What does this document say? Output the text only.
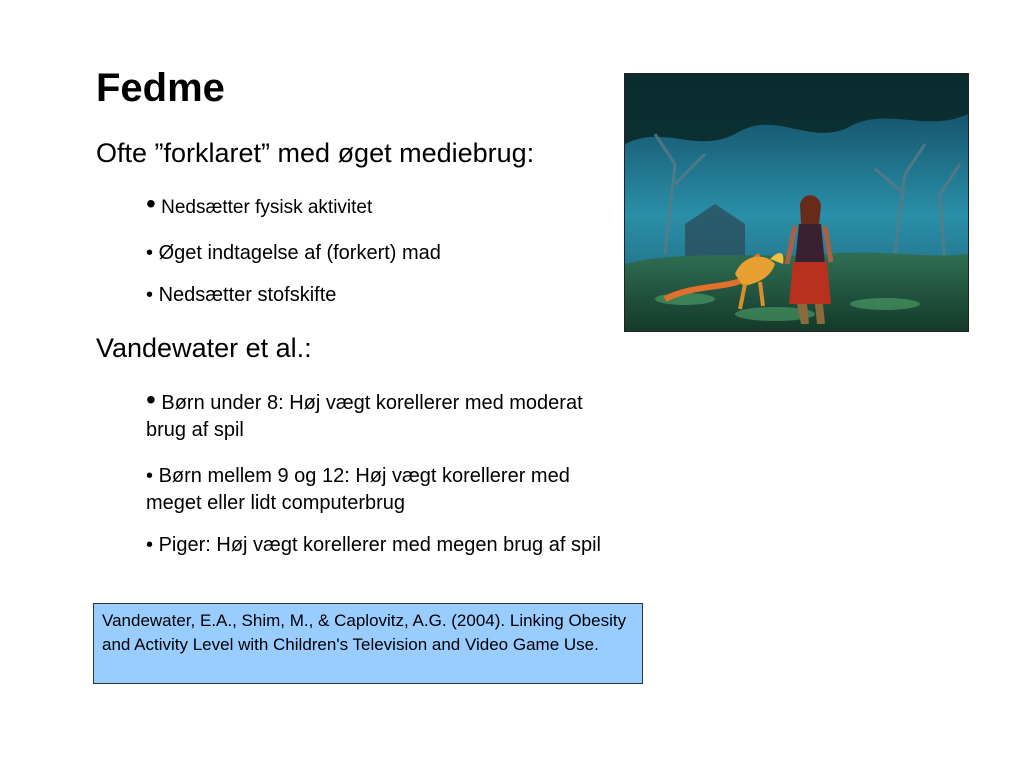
Fedme

Ofte ”forklaret” med øget mediebrug:

• Nedsætter fysisk aktivitet

• Øget indtagelse af (forkert) mad

• Nedsætter stofskifte

Vandewater et al.:

• Børn under 8: Høj vægt korellerer med moderat brug af spil

• Børn mellem 9 og 12: Høj vægt korellerer med meget eller lidt computerbrug

• Piger: Høj vægt korellerer med megen brug af spil

Vandewater, E.A., Shim, M., & Caplovitz, A.G. (2004). Linking Obesity and Activity Level with Children's Television and Video Game Use.
